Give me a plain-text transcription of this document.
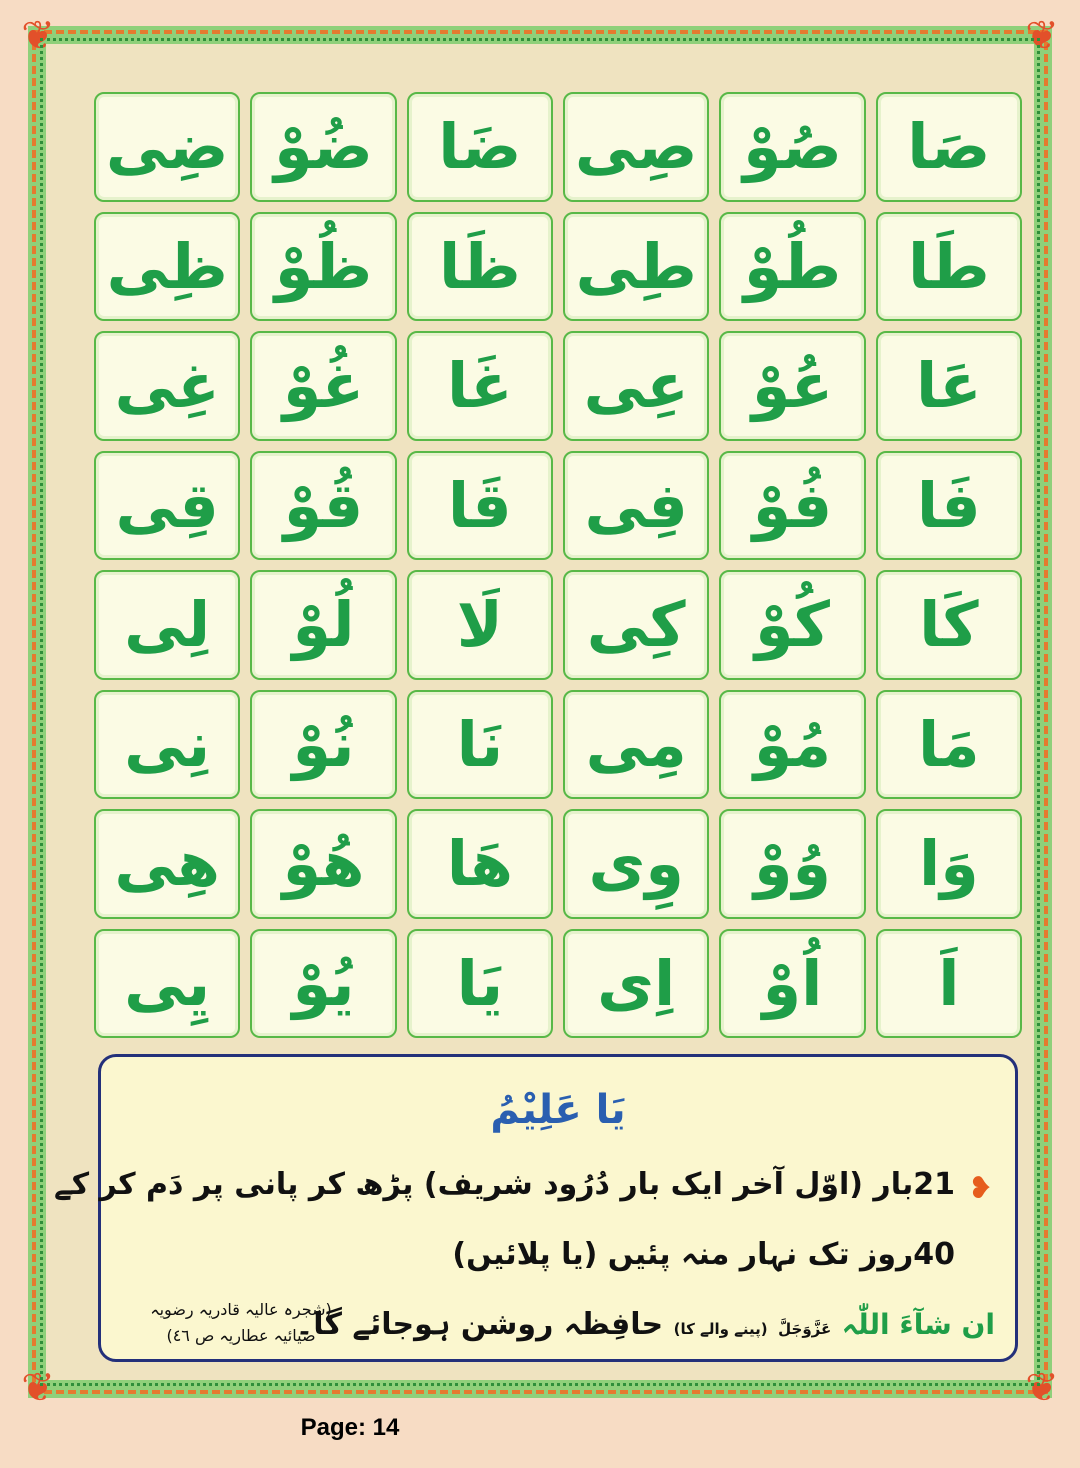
❦	❦
❦	❦
صَا
صُوْ
صِی
ضَا
ضُوْ
ضِی
طَا
طُوْ
طِی
ظَا
ظُوْ
ظِی
عَا
عُوْ
عِی
غَا
غُوْ
غِی
فَا
فُوْ
فِی
قَا
قُوْ
قِی
کَا
کُوْ
کِی
لَا
لُوْ
لِی
مَا
مُوْ
مِی
نَا
نُوْ
نِی
وَا
وُوْ
وِی
هَا
هُوْ
هِی
اَ
اُوْ
اِی
یَا
یُوْ
یِی
یَا عَلِیْمُ
❥
21بار (اوّل آخر ایک بار دُرُود شریف) پڑھ کر پانی پر دَم کر کے
40روز تک نہار منہ پئیں (یا پلائیں)
ان شآءَ اللّٰہ عَزَّوَجَلَّ (پینے والے کا) حافِظہ روشن ہوجائے گا۔
(شجرہ عالیہ قادریہ رضویہ
ضیائیہ عطاریہ ص ٤٦)
Page: 14
